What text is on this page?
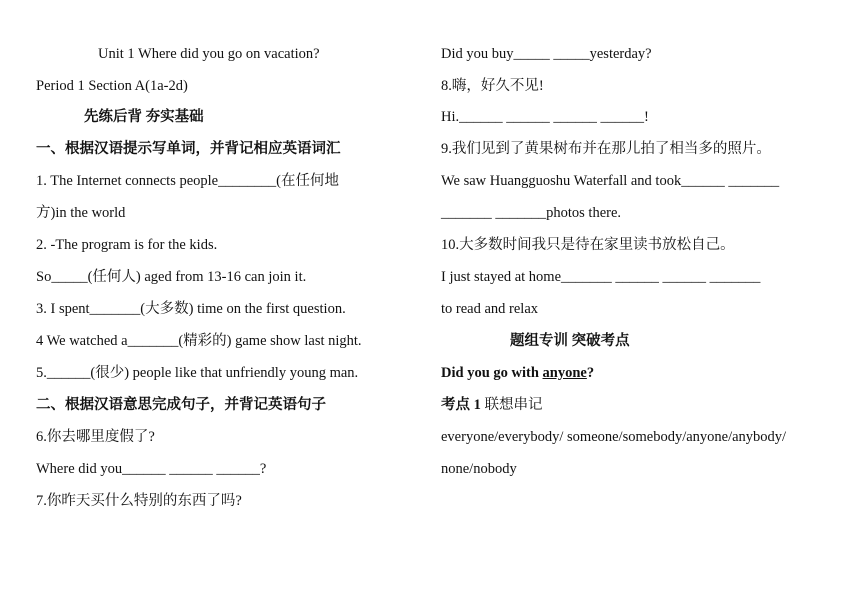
Unit 1 Where did you go on vacation?
Period 1 Section A(1a-2d)
先练后背 夯实基础
一、根据汉语提示写单词，并背记相应英语词汇
1. The Internet connects people________(在任何地
方)in the world
2. -The program is for the kids.
So_____(任何人) aged from 13-16 can join it.
3. I spent_______(大多数) time on the first question.
4 We watched a_______(精彩的) game show last night.
5.______(很少) people like that unfriendly young man.
二、根据汉语意思完成句子，并背记英语句子
6.你去哪里度假了?
Where did you______ ______ ______?
7.你昨天买什么特别的东西了吗?
Did you buy_____ _____yesterday?
8.嗨，好久不见!
Hi.______ ______ ______ ______!
9.我们见到了黄果树布并在那儿拍了相当多的照片。
We saw Huangguoshu Waterfall and took______ _______
_______ _______photos there.
10.大多数时间我只是待在家里读书放松自己。
I just stayed at home_______ ______ ______ _______
to read and relax
题组专训 突破考点
Did you go with anyone?
考点 1 联想串记
everyone/everybody/ someone/somebody/anyone/anybody/
none/nobody
